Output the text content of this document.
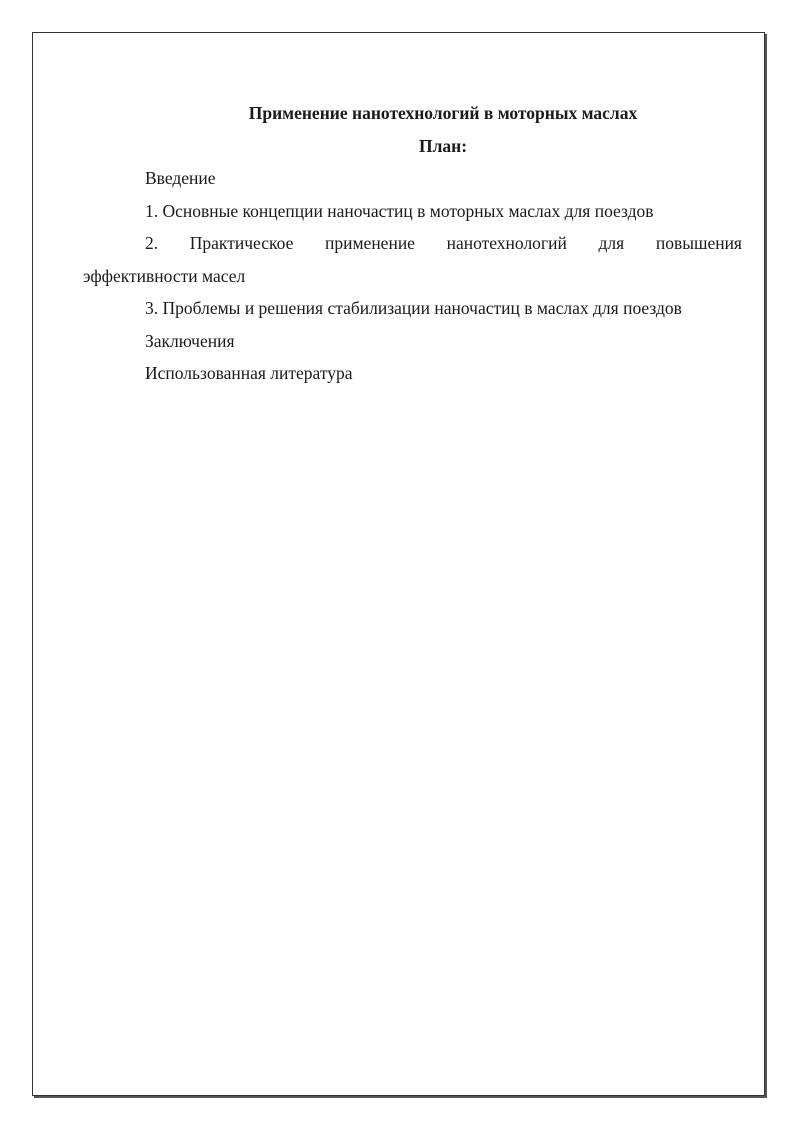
Применение нанотехнологий в моторных маслах

План:

Введение

1. Основные концепции наночастиц в моторных маслах для поездов

2. Практическое применение нанотехнологий для повышения
эффективности масел

3. Проблемы и решения стабилизации наночастиц в маслах для поездов

Заключения

Использованная литература
